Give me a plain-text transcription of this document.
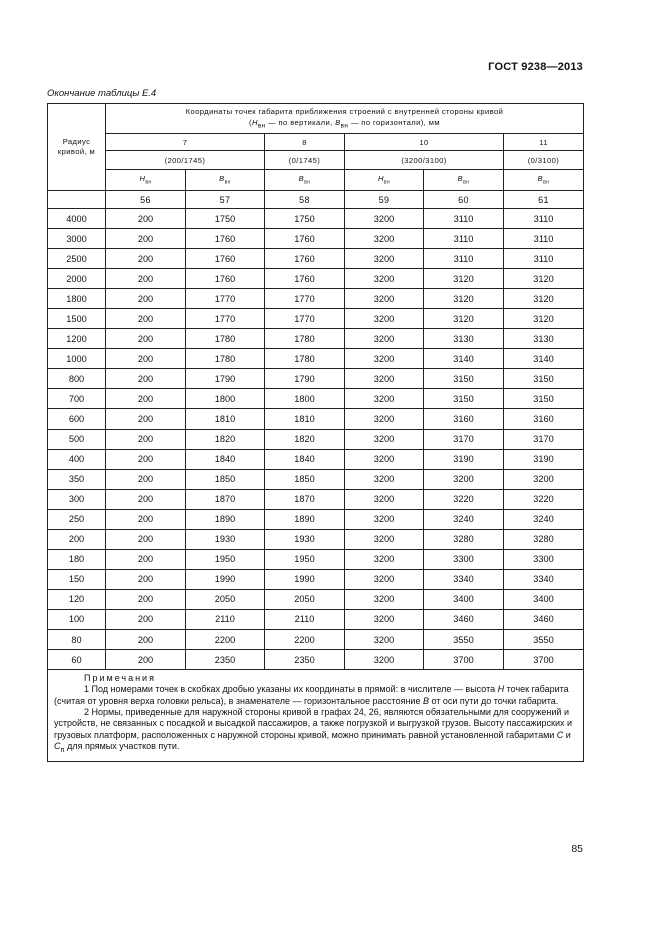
ГОСТ 9238—2013
Окончание таблицы Е.4
Радиус
кривой, м	Координаты точек габарита приближения строений с внутренней стороны кривой
($H_{вн}$ — по вертикали, $B_{вн}$ — по горизонтали), мм					
	7		8	10		11
	(200/1745)		(0/1745)	(3200/3100)		(0/3100)
	$H_{вн}$	$B_{вн}$	$B_{вн}$	$H_{вн}$	$B_{вн}$	$B_{вн}$
	56	57	58	59	60	61
4000	200	1750	1750	3200	3110	3110
3000	200	1760	1760	3200	3110	3110
2500	200	1760	1760	3200	3110	3110
2000	200	1760	1760	3200	3120	3120
1800	200	1770	1770	3200	3120	3120
1500	200	1770	1770	3200	3120	3120
1200	200	1780	1780	3200	3130	3130
1000	200	1780	1780	3200	3140	3140
800	200	1790	1790	3200	3150	3150
700	200	1800	1800	3200	3150	3150
600	200	1810	1810	3200	3160	3160
500	200	1820	1820	3200	3170	3170
400	200	1840	1840	3200	3190	3190
350	200	1850	1850	3200	3200	3200
300	200	1870	1870	3200	3220	3220
250	200	1890	1890	3200	3240	3240
200	200	1930	1930	3200	3280	3280
180	200	1950	1950	3200	3300	3300
150	200	1990	1990	3200	3340	3340
120	200	2050	2050	3200	3400	3400
100	200	2110	2110	3200	3460	3460
80	200	2200	2200	3200	3550	3550
60	200	2350	2350	3200	3700	3700

Примечания

1 Под номерами точек в скобках дробью указаны их координаты в прямой: в числителе — высота H точек габарита (считая от уровня верха головки рельса), в знаменателе — горизонтальное расстояние B от оси пути до точки габарита.

2 Нормы, приведенные для наружной стороны кривой в графах 24, 26, являются обязательными для сооружений и устройств, не связанных с посадкой и высадкой пассажиров, а также погрузкой и выгрузкой грузов. Высоту пассажирских и грузовых платформ, расположенных с наружной стороны кривой, можно принимать равной установленной габаритами C и $C_п$ для прямых участков пути.						

85
